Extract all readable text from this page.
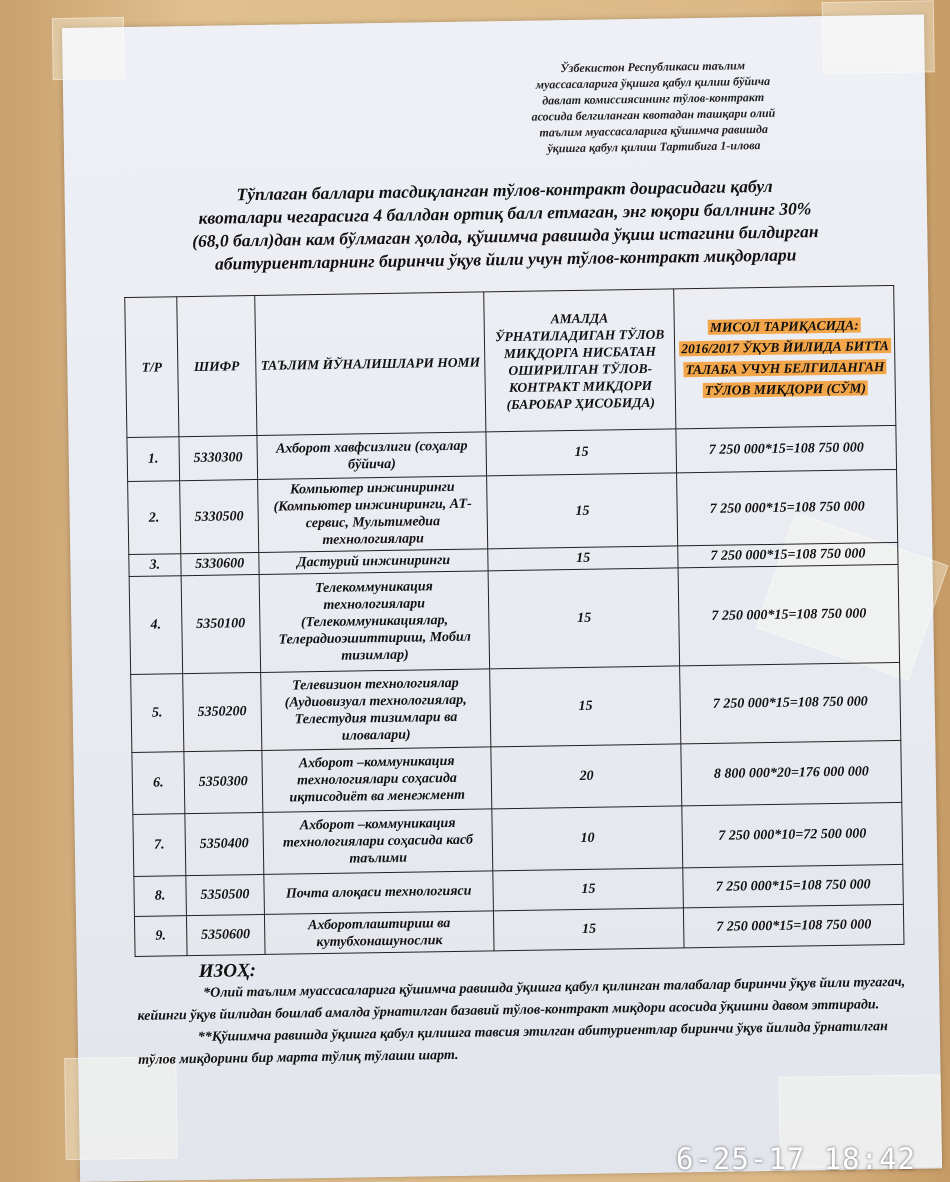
Ўзбекистон Республикаси таълим
муассасаларига ўқишга қабул қилиш бўйича
давлат комиссиясининг тўлов-контракт
асосида белгиланган квотадан ташқари олий
таълим муассасаларига қўшимча равишда
ўқишга қабул қилиш Тартибига 1-илова
Тўплаган баллари тасдиқланган тўлов-контракт доирасидаги қабул
квоталари чегарасига 4 баллдан ортиқ балл етмаган, энг юқори баллнинг 30%
(68,0 балл)дан кам бўлмаган ҳолда, қўшимча равишда ўқиш истагини билдирган
абитуриентларнинг биринчи ўқув йили учун тўлов-контракт миқдорлари
Т/Р	ШИФР	ТАЪЛИМ ЙЎНАЛИШЛАРИ НОМИ	АМАЛДА ЎРНАТИЛАДИГАН ТЎЛОВ МИҚДОРГА НИСБАТАН ОШИРИЛГАН ТЎЛОВ-КОНТРАКТ МИҚДОРИ (БАРОБАР ҲИСОБИДА)	МИСОЛ ТАРИҚАСИДА: 2016/2017 ЎҚУВ ЙИЛИДА БИТТА ТАЛАБА УЧУН БЕЛГИЛАНГАН ТЎЛОВ МИҚДОРИ (СЎМ)
1.	5330300	Ахборот хавфсизлиги (соҳалар бўйича)	15	7 250 000*15=108 750 000
2.	5330500	Компьютер инжиниринги (Компьютер инжиниринги, АТ-сервис, Мультимедиа технологиялари	15	7 250 000*15=108 750 000
3.	5330600	Дастурий инжиниринги	15	7 250 000*15=108 750 000
4.	5350100	Телекоммуникация технологиялари (Телекоммуникациялар, Телерадиоэшиттириш, Мобил тизимлар)	15	7 250 000*15=108 750 000
5.	5350200	Телевизион технологиялар (Аудиовизуал технологиялар, Телестудия тизимлари ва иловалари)	15	7 250 000*15=108 750 000
6.	5350300	Ахборот –коммуникация технологиялари соҳасида иқтисодиёт ва менежмент	20	8 800 000*20=176 000 000
7.	5350400	Ахборот –коммуникация технологиялари соҳасида касб таълими	10	7 250 000*10=72 500 000
8.	5350500	Почта алоқаси технологияси	15	7 250 000*15=108 750 000
9.	5350600	Ахборотлаштириш ва кутубхонашунослик	15	7 250 000*15=108 750 000
ИЗОҲ:

*Олий таълим муассасаларига қўшимча равишда ўқишга қабул қилинган талабалар биринчи ўқув йили тугагач, кейинги ўқув йилидан бошлаб амалда ўрнатилган базавий тўлов-контракт миқдори асосида ўқишни давом эттиради.

**Қўшимча равишда ўқишга қабул қилишга тавсия этилган абитуриентлар биринчи ўқув йилида ўрнатилган тўлов миқдорини бир марта тўлиқ тўлаши шарт.

6-25-17 18:42
